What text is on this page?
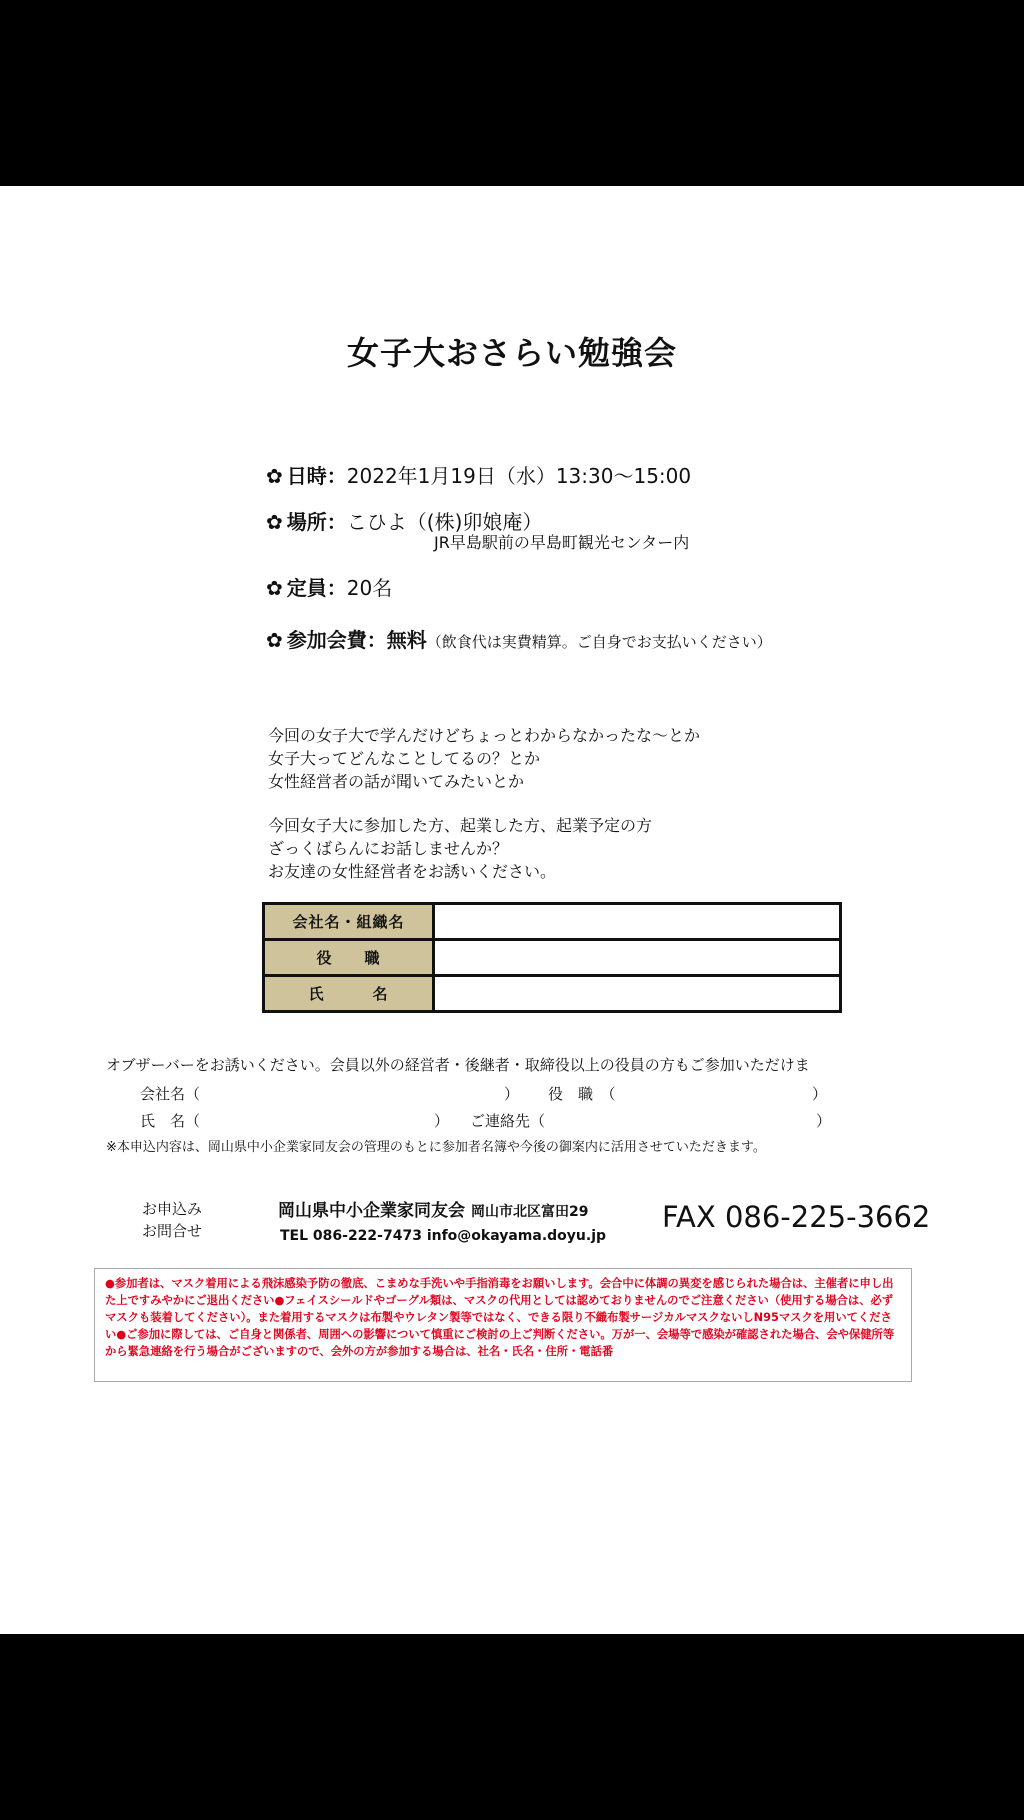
女子大おさらい勉強会
✿ 日時：2022年1月19日（水）13:30〜15:00
✿ 場所：こひよ（(株)卯娘庵）
JR早島駅前の早島町観光センター内
✿ 定員：20名
✿ 参加会費：無料（飲食代は実費精算。ご自身でお支払いください）
今回の女子大で学んだけどちょっとわからなかったな〜とか
女子大ってどんなことしてるの？とか
女性経営者の話が聞いてみたいとか
今回女子大に参加した方、起業した方、起業予定の方
ざっくばらんにお話しませんか？
お友達の女性経営者をお誘いください。
会社名・組織名	
役　　職	
氏　　　名	
オブザーバーをお誘いください。会員以外の経営者・後継者・取締役以上の役員の方もご参加いただけま
会社名（	） 役　職　（	）
氏　名（	） ご連絡先（	）
※本申込内容は、岡山県中小企業家同友会の管理のもとに参加者名簿や今後の御案内に活用させていただきます。
お申込み
お問合せ
岡山県中小企業家同友会 岡山市北区富田29
TEL 086-222-7473 info@okayama.doyu.jp
FAX 086-225-3662
●参加者は、マスク着用による飛沫感染予防の徹底、こまめな手洗いや手指消毒をお願いします。会合中に体調の異変を感じられた場合は、主催者に申し出た上ですみやかにご退出ください●フェイスシールドやゴーグル類は、マスクの代用としては認めておりませんのでご注意ください（使用する場合は、必ずマスクも装着してください）。また着用するマスクは布製やウレタン製等ではなく、できる限り不織布製サージカルマスクないしN95マスクを用いてください●ご参加に際しては、ご自身と関係者、周囲への影響について慎重にご検討の上ご判断ください。万が一、会場等で感染が確認された場合、会や保健所等から緊急連絡を行う場合がございますので、会外の方が参加する場合は、社名・氏名・住所・電話番
